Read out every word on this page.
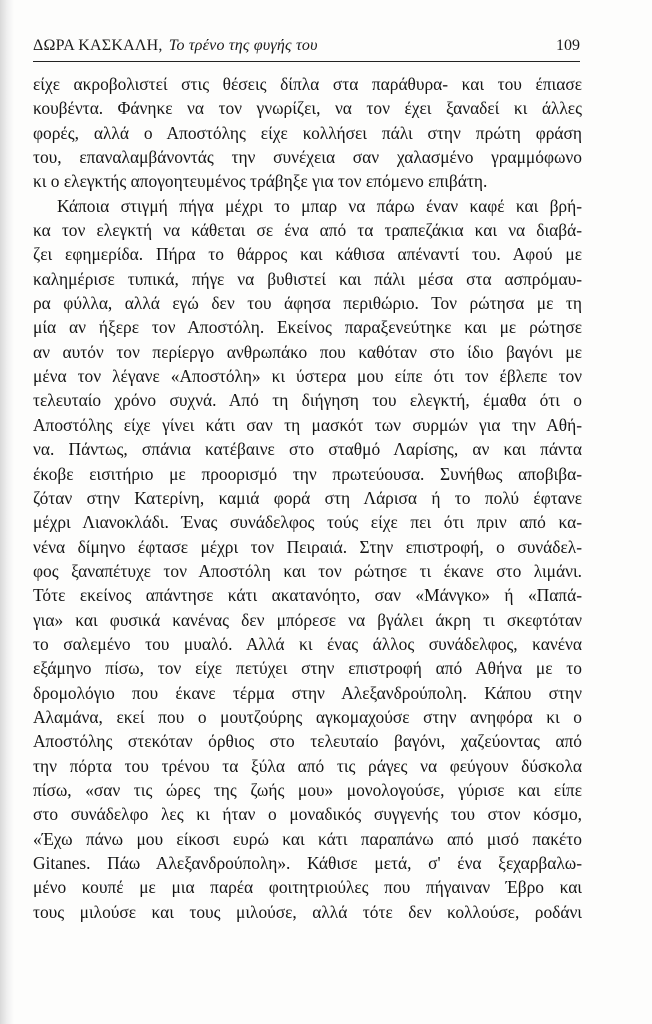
ΔΩΡΑ ΚΑΣΚΑΛΗ, Το τρένο της φυγής του	109

είχε ακροβολιστεί στις θέσεις δίπλα στα παράθυρα- και του έπιασε
κουβέντα. Φάνηκε να τον γνωρίζει, να τον έχει ξαναδεί κι άλλες
φορές, αλλά ο Αποστόλης είχε κολλήσει πάλι στην πρώτη φράση
του, επαναλαμβάνοντάς την συνέχεια σαν χαλασμένο γραμμόφωνο
κι ο ελεγκτής απογοητευμένος τράβηξε για τον επόμενο επιβάτη.

Κάποια στιγμή πήγα μέχρι το μπαρ να πάρω έναν καφέ και βρή-
κα τον ελεγκτή να κάθεται σε ένα από τα τραπεζάκια και να διαβά-
ζει εφημερίδα. Πήρα το θάρρος και κάθισα απέναντί του. Αφού με
καλημέρισε τυπικά, πήγε να βυθιστεί και πάλι μέσα στα ασπρόμαυ-
ρα φύλλα, αλλά εγώ δεν του άφησα περιθώριο. Τον ρώτησα με τη
μία αν ήξερε τον Αποστόλη. Εκείνος παραξενεύτηκε και με ρώτησε
αν αυτόν τον περίεργο ανθρωπάκο που καθόταν στο ίδιο βαγόνι με
μένα τον λέγανε «Αποστόλη» κι ύστερα μου είπε ότι τον έβλεπε τον
τελευταίο χρόνο συχνά. Από τη διήγηση του ελεγκτή, έμαθα ότι ο
Αποστόλης είχε γίνει κάτι σαν τη μασκότ των συρμών για την Αθή-
να. Πάντως, σπάνια κατέβαινε στο σταθμό Λαρίσης, αν και πάντα
έκοβε εισιτήριο με προορισμό την πρωτεύουσα. Συνήθως αποβιβα-
ζόταν στην Κατερίνη, καμιά φορά στη Λάρισα ή το πολύ έφτανε
μέχρι Λιανοκλάδι. Ένας συνάδελφος τούς είχε πει ότι πριν από κα-
νένα δίμηνο έφτασε μέχρι τον Πειραιά. Στην επιστροφή, ο συνάδελ-
φος ξαναπέτυχε τον Αποστόλη και τον ρώτησε τι έκανε στο λιμάνι.
Τότε εκείνος απάντησε κάτι ακατανόητο, σαν «Μάνγκο» ή «Παπά-
για» και φυσικά κανένας δεν μπόρεσε να βγάλει άκρη τι σκεφτόταν
το σαλεμένο του μυαλό. Αλλά κι ένας άλλος συνάδελφος, κανένα
εξάμηνο πίσω, τον είχε πετύχει στην επιστροφή από Αθήνα με το
δρομολόγιο που έκανε τέρμα στην Αλεξανδρούπολη. Κάπου στην
Αλαμάνα, εκεί που ο μουτζούρης αγκομαχούσε στην ανηφόρα κι ο
Αποστόλης στεκόταν όρθιος στο τελευταίο βαγόνι, χαζεύοντας από
την πόρτα του τρένου τα ξύλα από τις ράγες να φεύγουν δύσκολα
πίσω, «σαν τις ώρες της ζωής μου» μονολογούσε, γύρισε και είπε
στο συνάδελφο λες κι ήταν ο μοναδικός συγγενής του στον κόσμο,
«Έχω πάνω μου είκοσι ευρώ και κάτι παραπάνω από μισό πακέτο
Gitanes. Πάω Αλεξανδρούπολη». Κάθισε μετά, σ' ένα ξεχαρβαλω-
μένο κουπέ με μια παρέα φοιτητριούλες που πήγαιναν Έβρο και
τους μιλούσε και τους μιλούσε, αλλά τότε δεν κολλούσε, ροδάνι
